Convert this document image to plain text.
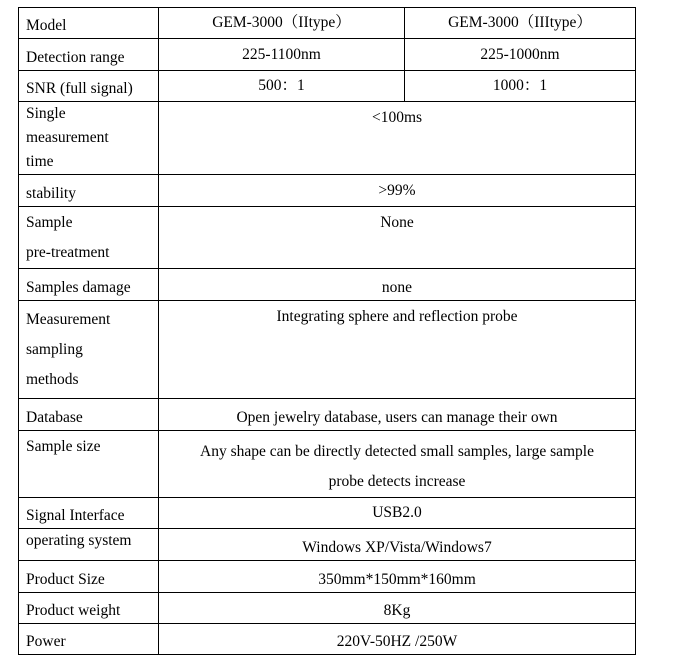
Model	GEM-3000（IItype）	GEM-3000（IIItype）
Detection range	225-1100nm	225-1000nm
SNR (full signal)	500：1	1000：1

Single
measurement
time	<100ms	
stability	>99%	

Sample
pre-treatment	None	
Samples damage	none	

Measurement
sampling
methods	Integrating sphere and reflection probe	
Database	Open jewelry database, users can manage their own	
Sample size	Any shape can be directly detected small samples, large sample
probe detects increase	

Signal Interface	USB2.0	
operating system	Windows XP/Vista/Windows7	
Product Size	350mm*150mm*160mm	
Product weight	8Kg	
Power	220V-50HZ /250W	
